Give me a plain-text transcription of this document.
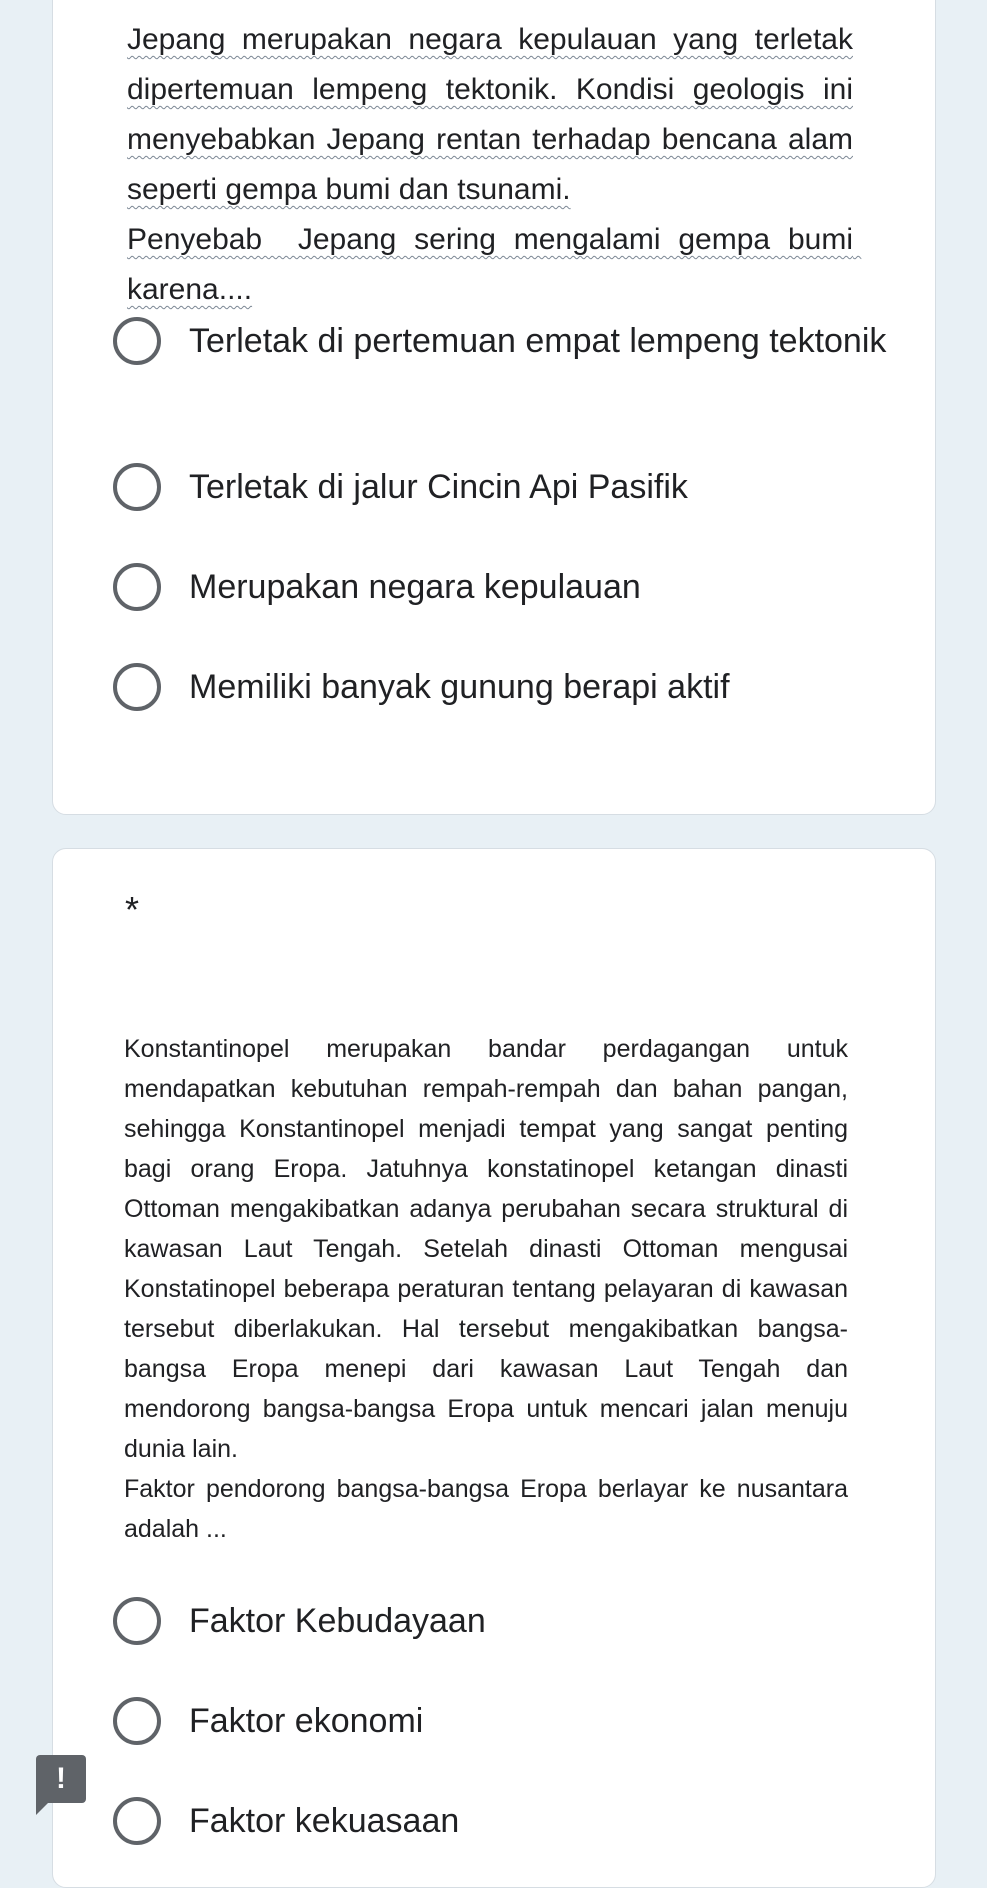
Jepang merupakan negara kepulauan yang terletak dipertemuan lempeng tektonik. Kondisi geologis ini menyebabkan Jepang rentan terhadap bencana alam seperti gempa bumi dan tsunami.

Penyebab  Jepang sering mengalami gempa bumi karena....

Terletak di pertemuan empat lempeng tektonik
Terletak di jalur Cincin Api Pasifik
Merupakan negara kepulauan
Memiliki banyak gunung berapi aktif
*

Konstantinopel merupakan bandar perdagangan untuk mendapatkan kebutuhan rempah-rempah dan bahan pangan, sehingga Konstantinopel menjadi tempat yang sangat penting bagi orang Eropa. Jatuhnya konstatinopel ketangan dinasti Ottoman mengakibatkan adanya perubahan secara struktural di kawasan Laut Tengah. Setelah dinasti Ottoman mengusai Konstatinopel beberapa peraturan tentang pelayaran di kawasan tersebut diberlakukan. Hal tersebut mengakibatkan bangsa-bangsa Eropa menepi dari kawasan Laut Tengah dan mendorong bangsa-bangsa Eropa untuk mencari jalan menuju dunia lain.

Faktor pendorong bangsa-bangsa Eropa berlayar ke nusantara adalah ...

Faktor Kebudayaan
Faktor ekonomi
Faktor kekuasaan
!
